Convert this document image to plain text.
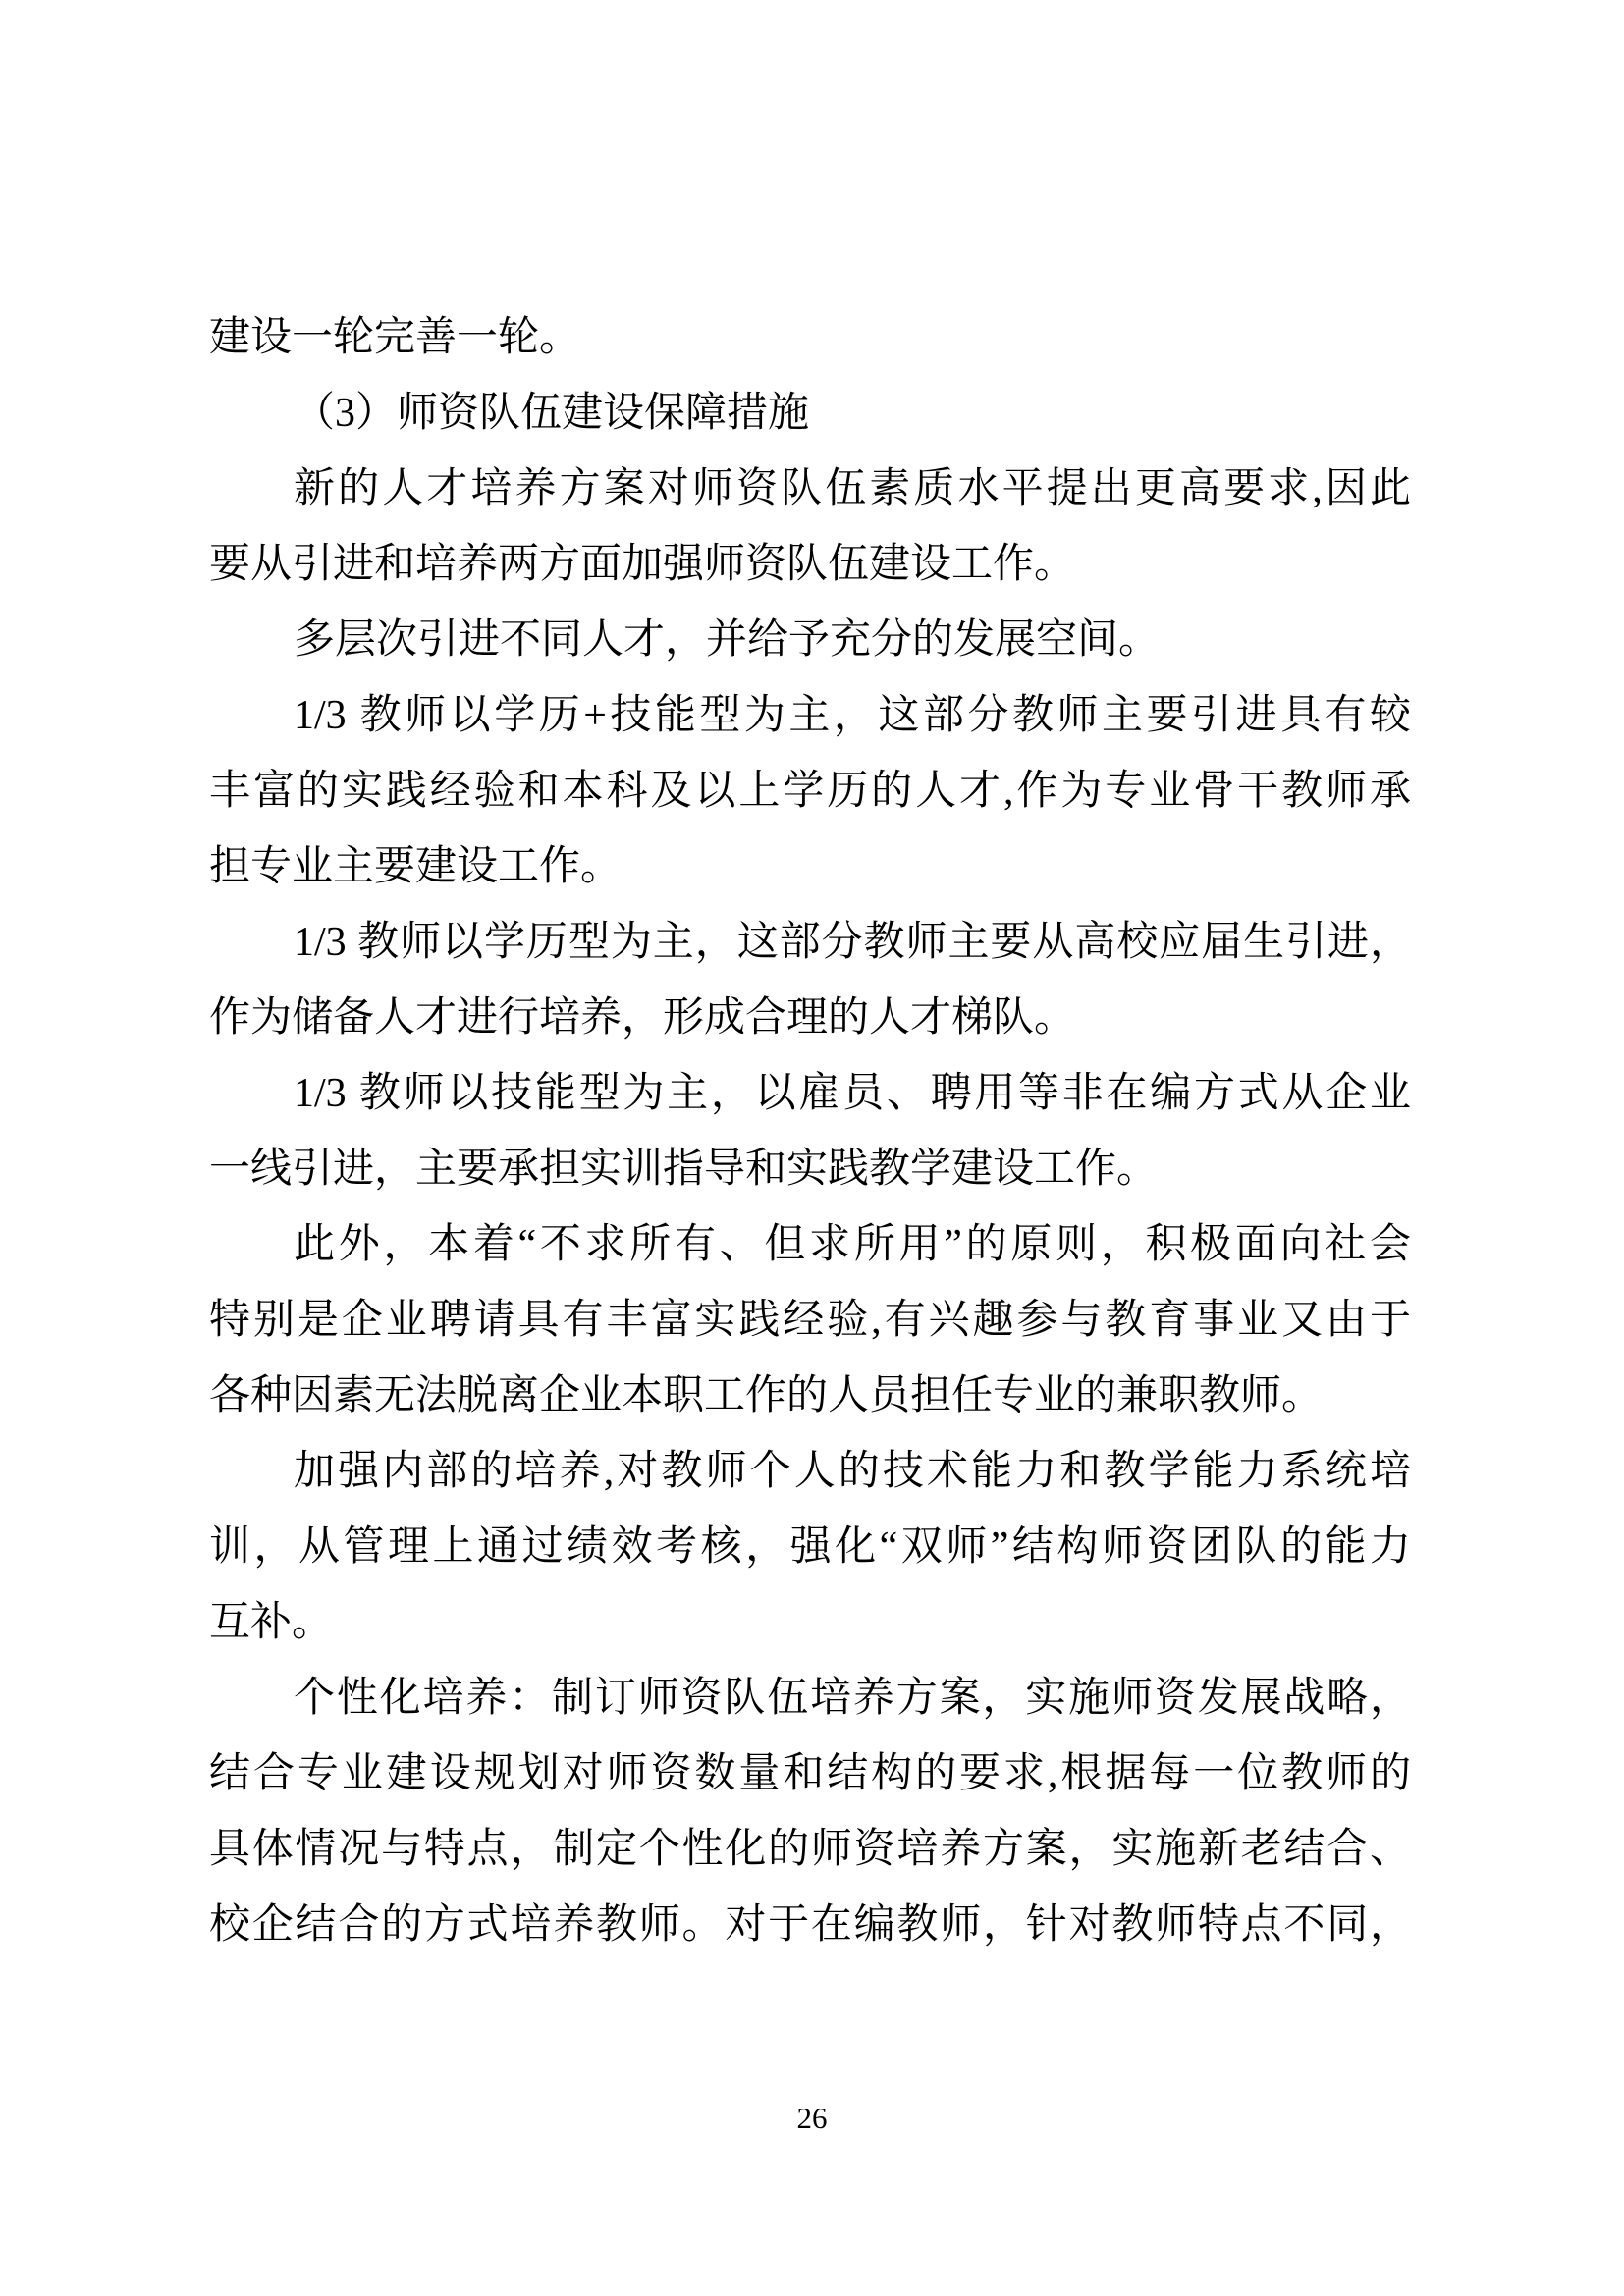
建设一轮完善一轮。
（3）师资队伍建设保障措施
新的人才培养方案对师资队伍素质水平提出更高要求,因此
要从引进和培养两方面加强师资队伍建设工作。
多层次引进不同人才，并给予充分的发展空间。
1/3 教师以学历+技能型为主，这部分教师主要引进具有较
丰富的实践经验和本科及以上学历的人才,作为专业骨干教师承
担专业主要建设工作。
1/3 教师以学历型为主，这部分教师主要从高校应届生引进，
作为储备人才进行培养，形成合理的人才梯队。
1/3 教师以技能型为主，以雇员、聘用等非在编方式从企业
一线引进，主要承担实训指导和实践教学建设工作。
此外，本着“不求所有、但求所用”的原则，积极面向社会
特别是企业聘请具有丰富实践经验,有兴趣参与教育事业又由于
各种因素无法脱离企业本职工作的人员担任专业的兼职教师。
加强内部的培养,对教师个人的技术能力和教学能力系统培
训，从管理上通过绩效考核，强化“双师”结构师资团队的能力
互补。
个性化培养：制订师资队伍培养方案，实施师资发展战略，
结合专业建设规划对师资数量和结构的要求,根据每一位教师的
具体情况与特点，制定个性化的师资培养方案，实施新老结合、
校企结合的方式培养教师。对于在编教师，针对教师特点不同，
26
